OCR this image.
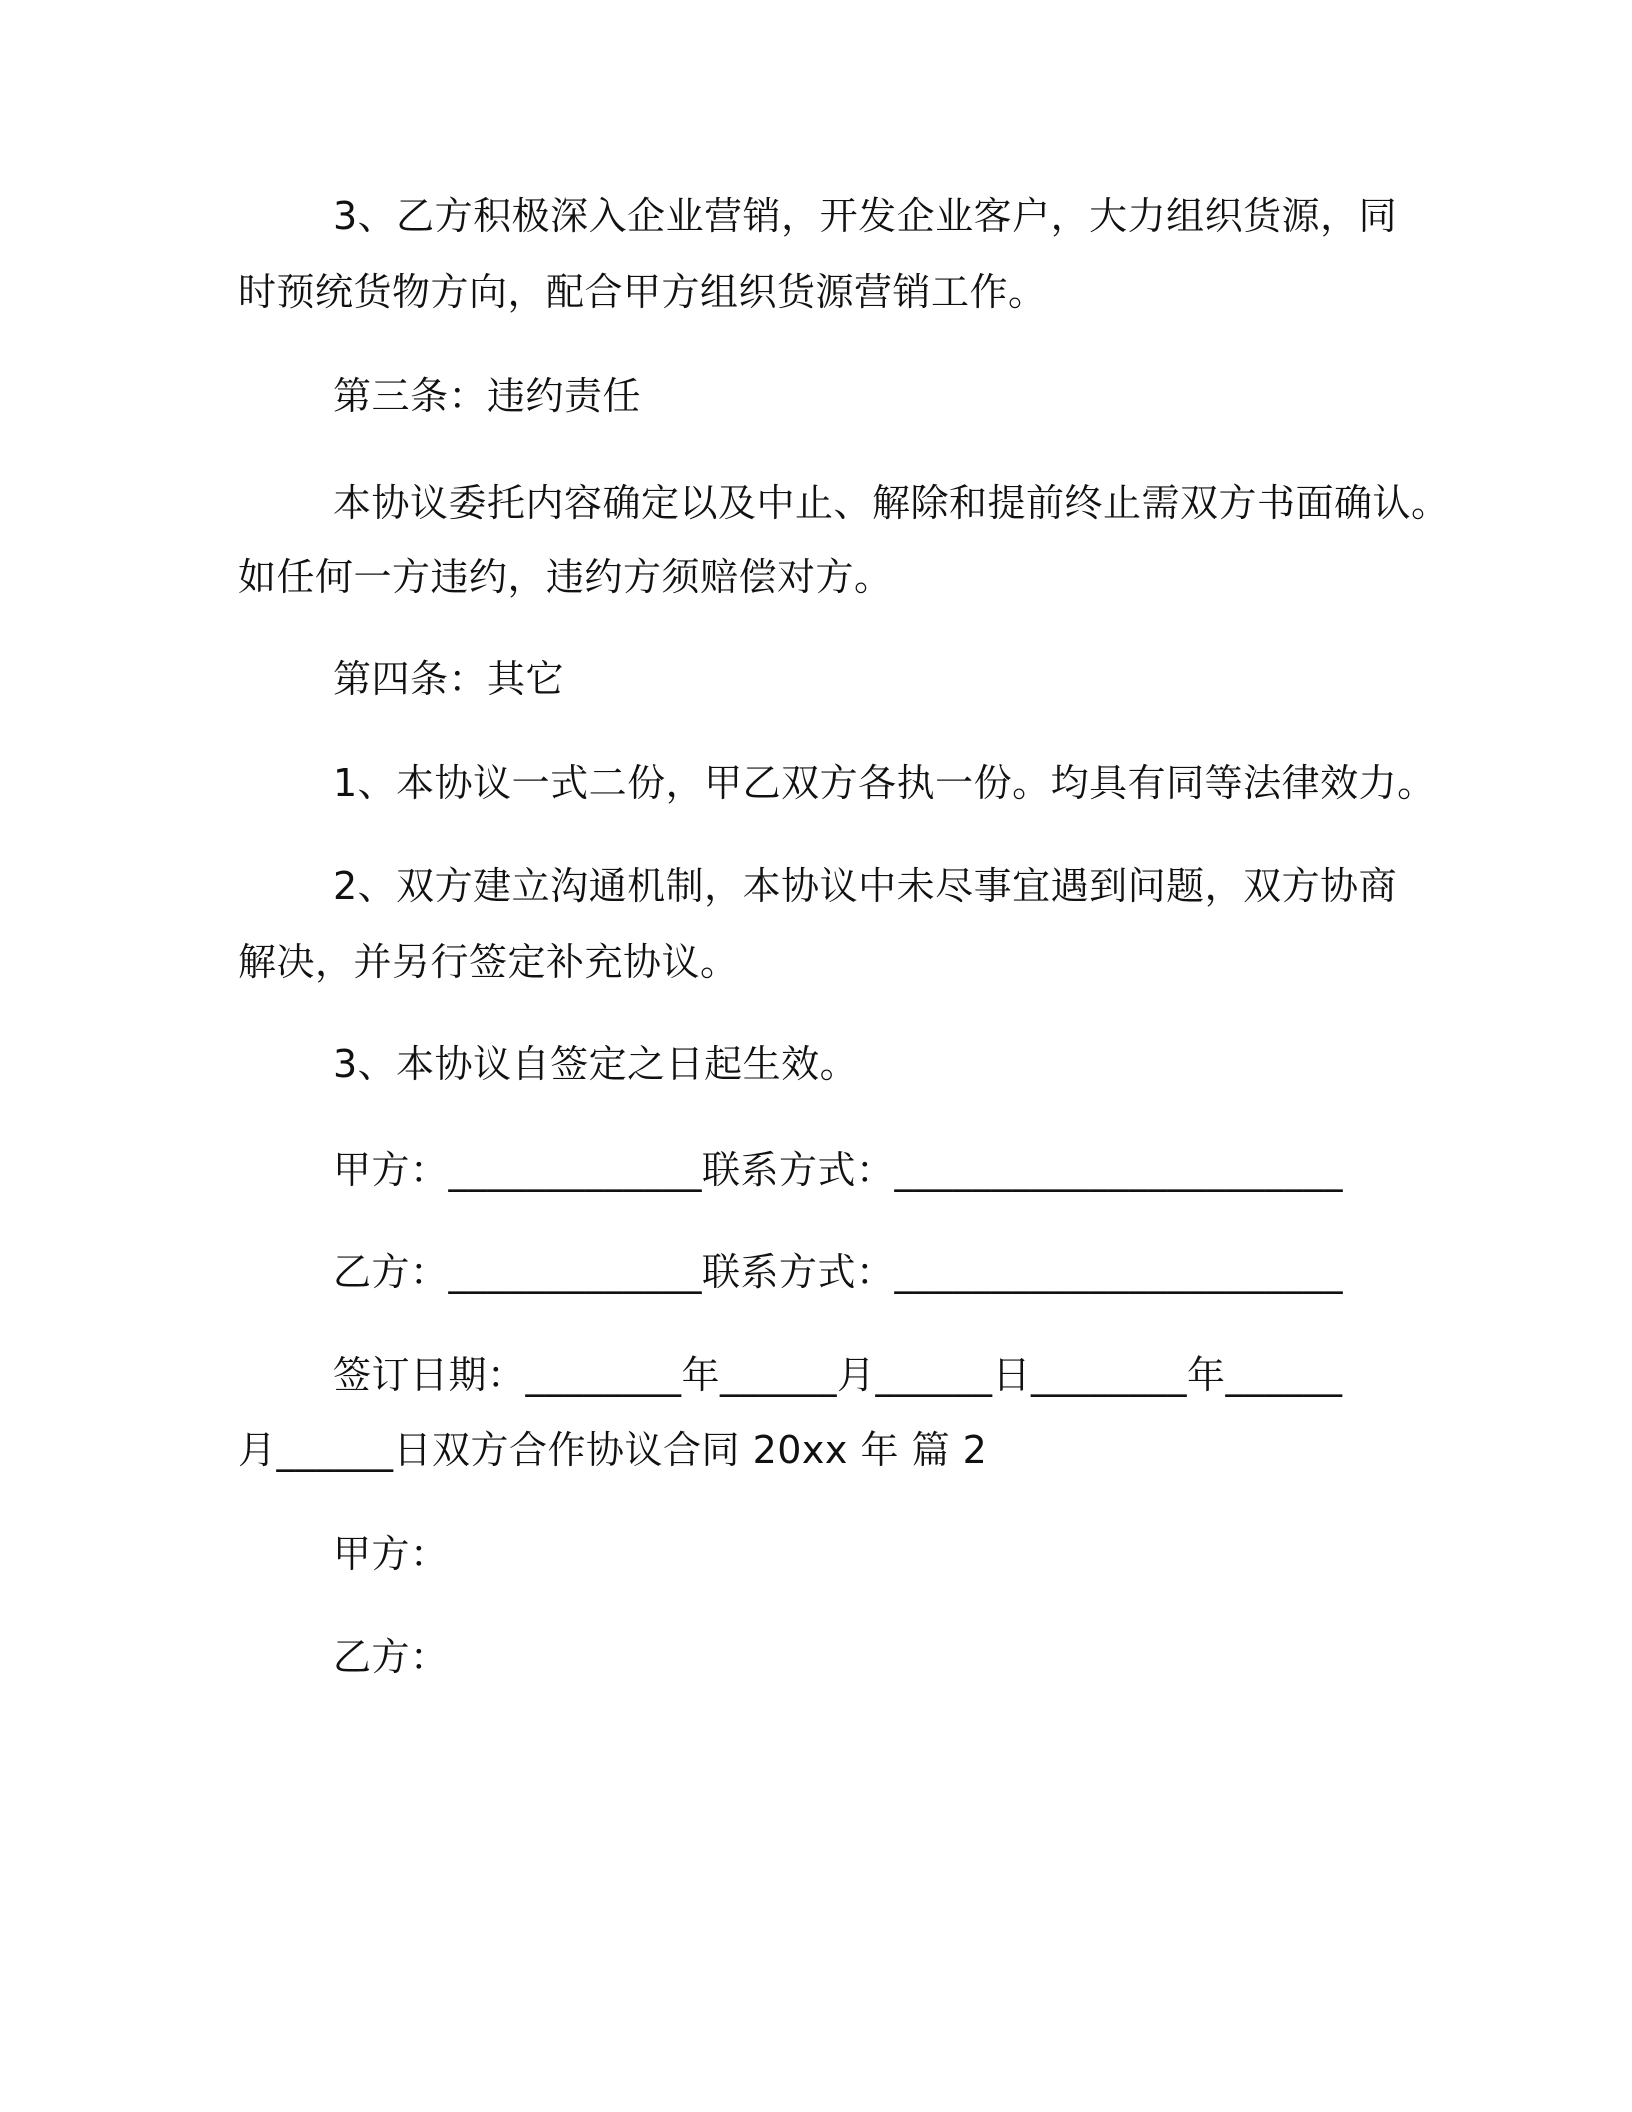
3、乙方积极深入企业营销，开发企业客户，大力组织货源，同
时预统货物方向，配合甲方组织货源营销工作。
第三条：违约责任
本协议委托内容确定以及中止、解除和提前终止需双方书面确认。
如任何一方违约，违约方须赔偿对方。
第四条：其它
1、本协议一式二份，甲乙双方各执一份。均具有同等法律效力。
2、双方建立沟通机制，本协议中未尽事宜遇到问题，双方协商
解决，并另行签定补充协议。
3、本协议自签定之日起生效。
甲方：_____________联系方式：_______________________
乙方：_____________联系方式：_______________________
签订日期：________年______月______日________年______
月______日双方合作协议合同 20xx 年 篇 2
甲方：
乙方：
